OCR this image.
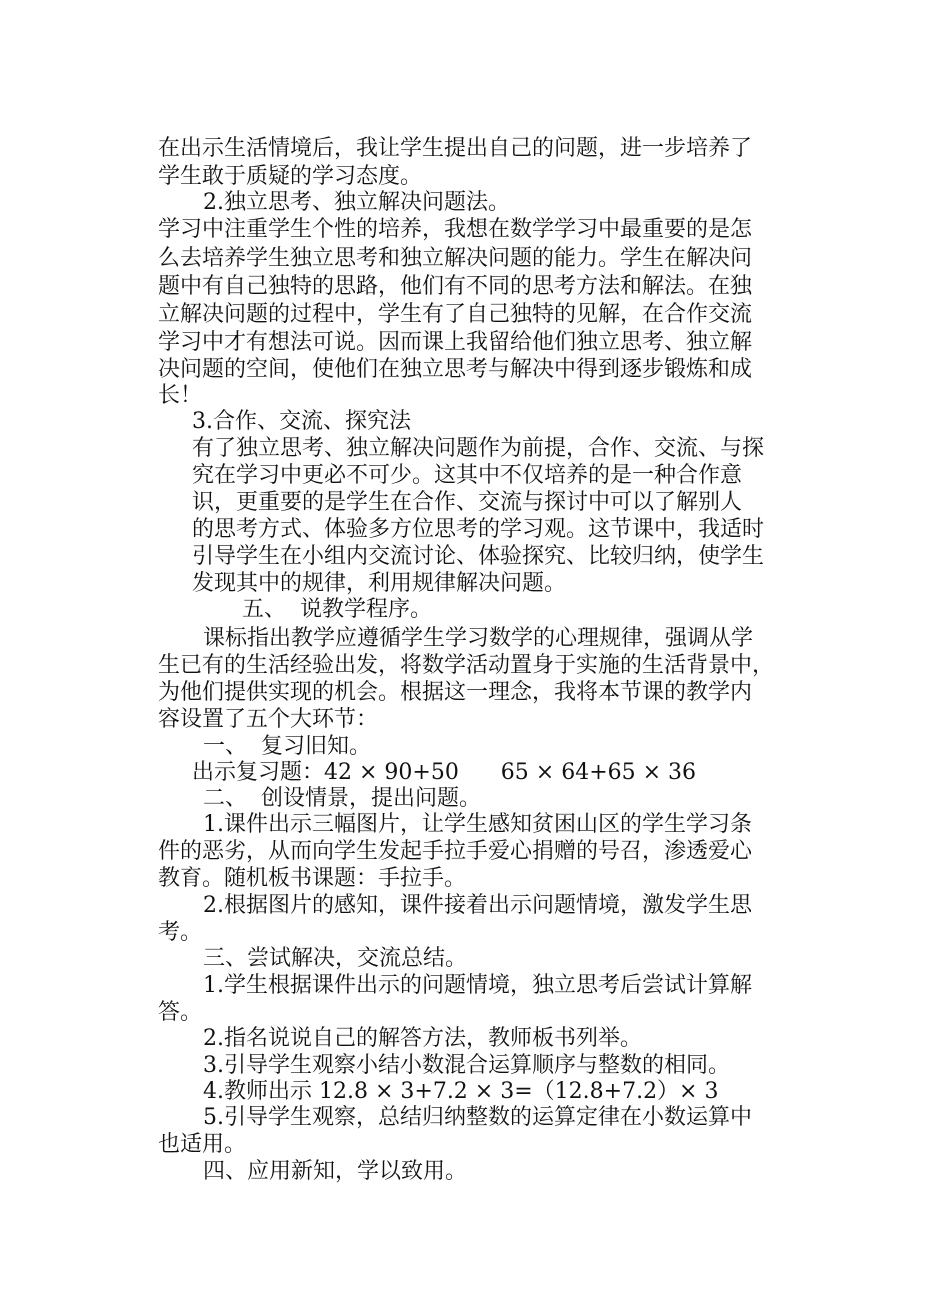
在出示生活情境后，我让学生提出自己的问题，进一步培养了

学生敢于质疑的学习态度。

2.独立思考、独立解决问题法。

学习中注重学生个性的培养，我想在数学学习中最重要的是怎

么去培养学生独立思考和独立解决问题的能力。学生在解决问

题中有自己独特的思路，他们有不同的思考方法和解法。在独

立解决问题的过程中，学生有了自己独特的见解，在合作交流

学习中才有想法可说。因而课上我留给他们独立思考、独立解

决问题的空间，使他们在独立思考与解决中得到逐步锻炼和成

长！

3.合作、交流、探究法

有了独立思考、独立解决问题作为前提，合作、交流、与探

究在学习中更必不可少。这其中不仅培养的是一种合作意

识，更重要的是学生在合作、交流与探讨中可以了解别人

的思考方式、体验多方位思考的学习观。这节课中，我适时

引导学生在小组内交流讨论、体验探究、比较归纳，使学生

发现其中的规律，利用规律解决问题。

五、  说教学程序。

课标指出教学应遵循学生学习数学的心理规律，强调从学

生已有的生活经验出发，将数学活动置身于实施的生活背景中，

为他们提供实现的机会。根据这一理念，我将本节课的教学内

容设置了五个大环节：

一、  复习旧知。

出示复习题：42 × 90+50      65 × 64+65 × 36

二、  创设情景，提出问题。

1.课件出示三幅图片，让学生感知贫困山区的学生学习条

件的恶劣，从而向学生发起手拉手爱心捐赠的号召，渗透爱心

教育。随机板书课题：手拉手。

2.根据图片的感知，课件接着出示问题情境，激发学生思

考。

三、尝试解决，交流总结。

1.学生根据课件出示的问题情境，独立思考后尝试计算解

答。

2.指名说说自己的解答方法，教师板书列举。

3.引导学生观察小结小数混合运算顺序与整数的相同。

4.教师出示 12.8 × 3+7.2 × 3=（12.8+7.2）× 3

5.引导学生观察，总结归纳整数的运算定律在小数运算中

也适用。

四、应用新知，学以致用。
